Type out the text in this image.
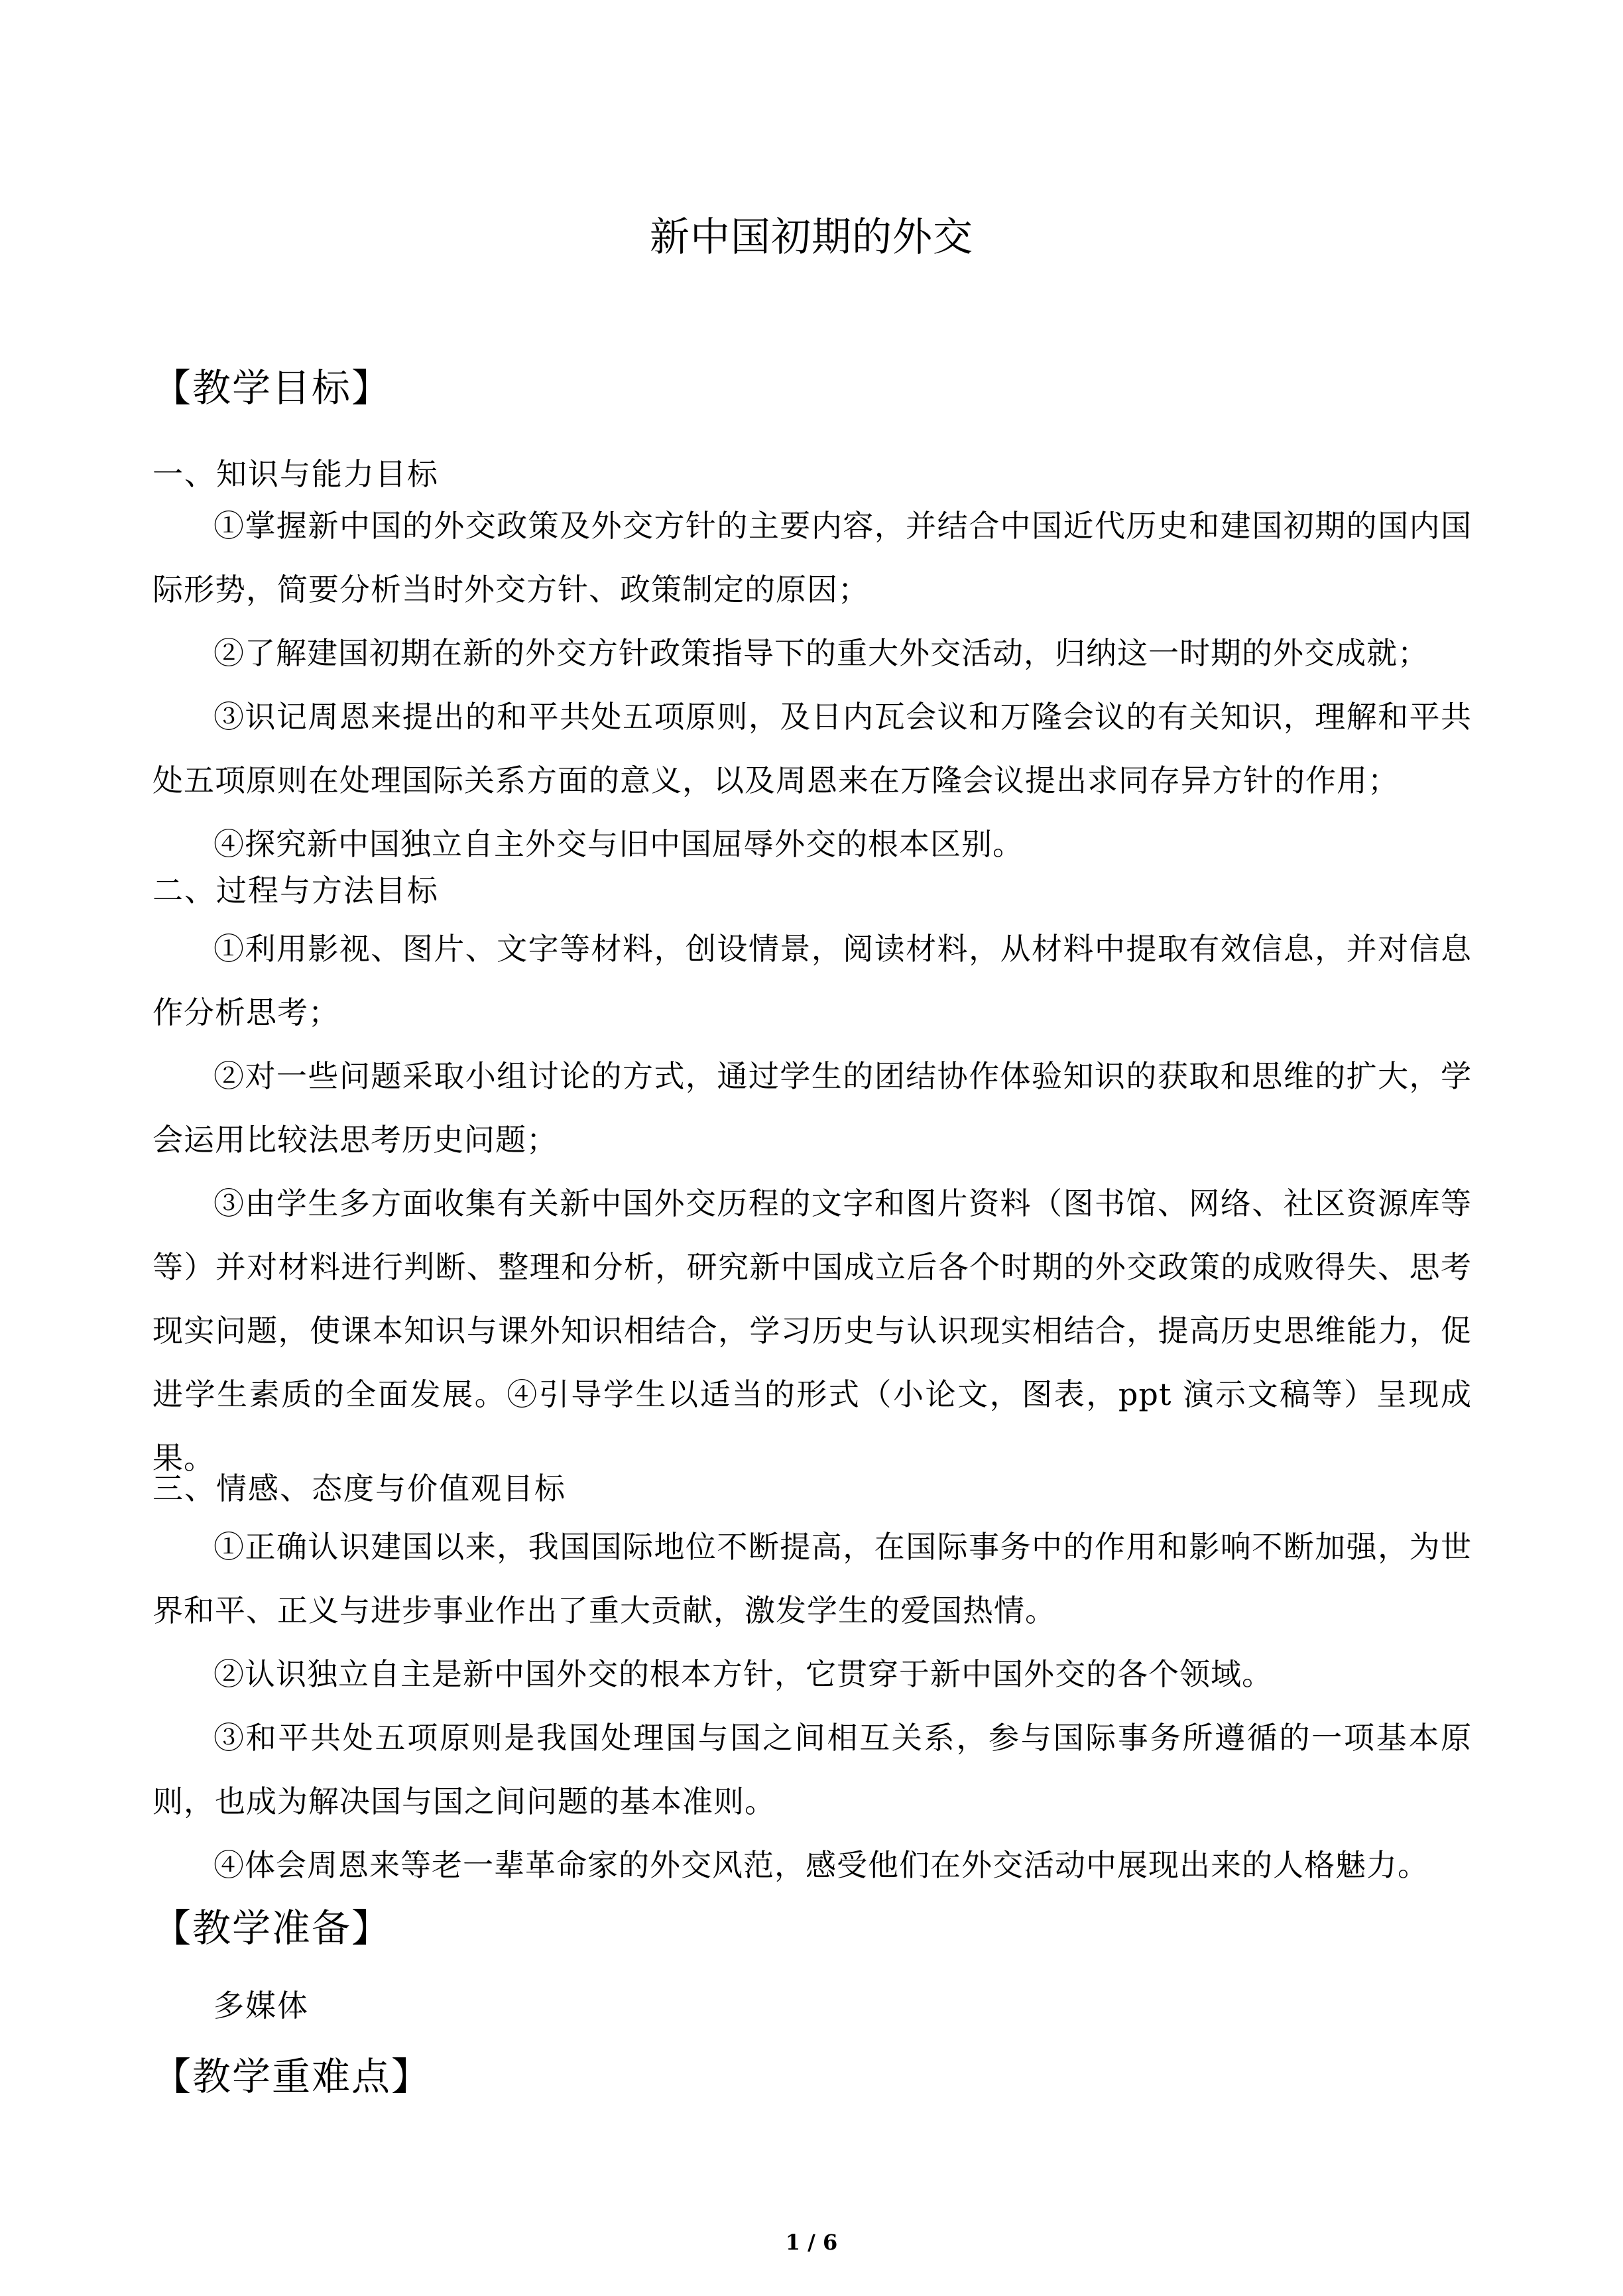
新中国初期的外交
【教学目标】
一、知识与能力目标
①掌握新中国的外交政策及外交方针的主要内容，并结合中国近代历史和建国初期的国内国际形势，简要分析当时外交方针、政策制定的原因；
②了解建国初期在新的外交方针政策指导下的重大外交活动，归纳这一时期的外交成就；
③识记周恩来提出的和平共处五项原则，及日内瓦会议和万隆会议的有关知识，理解和平共处五项原则在处理国际关系方面的意义，以及周恩来在万隆会议提出求同存异方针的作用；
④探究新中国独立自主外交与旧中国屈辱外交的根本区别。
二、过程与方法目标
①利用影视、图片、文字等材料，创设情景，阅读材料，从材料中提取有效信息，并对信息作分析思考；
②对一些问题采取小组讨论的方式，通过学生的团结协作体验知识的获取和思维的扩大，学会运用比较法思考历史问题；
③由学生多方面收集有关新中国外交历程的文字和图片资料（图书馆、网络、社区资源库等等）并对材料进行判断、整理和分析，研究新中国成立后各个时期的外交政策的成败得失、思考现实问题，使课本知识与课外知识相结合，学习历史与认识现实相结合，提高历史思维能力，促进学生素质的全面发展。④引导学生以适当的形式（小论文，图表，ppt 演示文稿等）呈现成果。
三、情感、态度与价值观目标
①正确认识建国以来，我国国际地位不断提高，在国际事务中的作用和影响不断加强，为世界和平、正义与进步事业作出了重大贡献，激发学生的爱国热情。
②认识独立自主是新中国外交的根本方针，它贯穿于新中国外交的各个领域。
③和平共处五项原则是我国处理国与国之间相互关系，参与国际事务所遵循的一项基本原则，也成为解决国与国之间问题的基本准则。
④体会周恩来等老一辈革命家的外交风范，感受他们在外交活动中展现出来的人格魅力。
【教学准备】
多媒体
【教学重难点】
1 / 6
